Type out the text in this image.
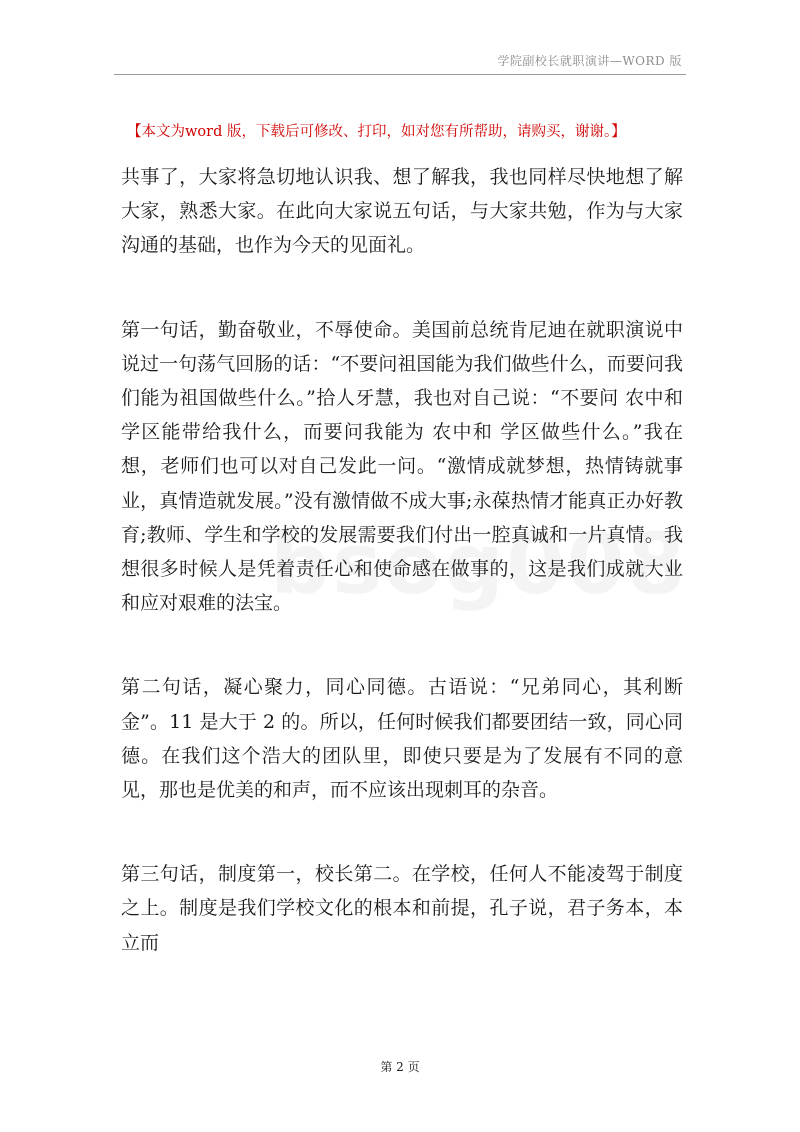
学院副校长就职演讲—WORD 版
【本文为word 版，下载后可修改、打印，如对您有所帮助，请购买，谢谢。】

共事了，大家将急切地认识我、想了解我，我也同样尽快地想了解大家，熟悉大家。在此向大家说五句话，与大家共勉，作为与大家沟通的基础，也作为今天的见面礼。

第一句话，勤奋敬业，不辱使命。美国前总统肯尼迪在就职演说中说过一句荡气回肠的话：“不要问祖国能为我们做些什么，而要问我们能为祖国做些什么。”拾人牙慧，我也对自己说：“不要问 农中和 学区能带给我什么，而要问我能为 农中和 学区做些什么。”我在想，老师们也可以对自己发此一问。“激情成就梦想，热情铸就事业，真情造就发展。”没有激情做不成大事;永葆热情才能真正办好教育;教师、学生和学校的发展需要我们付出一腔真诚和一片真情。我想很多时候人是凭着责任心和使命感在做事的，这是我们成就大业和应对艰难的法宝。

第二句话，凝心聚力，同心同德。古语说：“兄弟同心，其利断金”。11 是大于 2 的。所以，任何时候我们都要团结一致，同心同德。在我们这个浩大的团队里，即使只要是为了发展有不同的意见，那也是优美的和声，而不应该出现刺耳的杂音。

第三句话，制度第一，校长第二。在学校，任何人不能凌驾于制度之上。制度是我们学校文化的根本和前提，孔子说，君子务本，本立而

第 2 页
